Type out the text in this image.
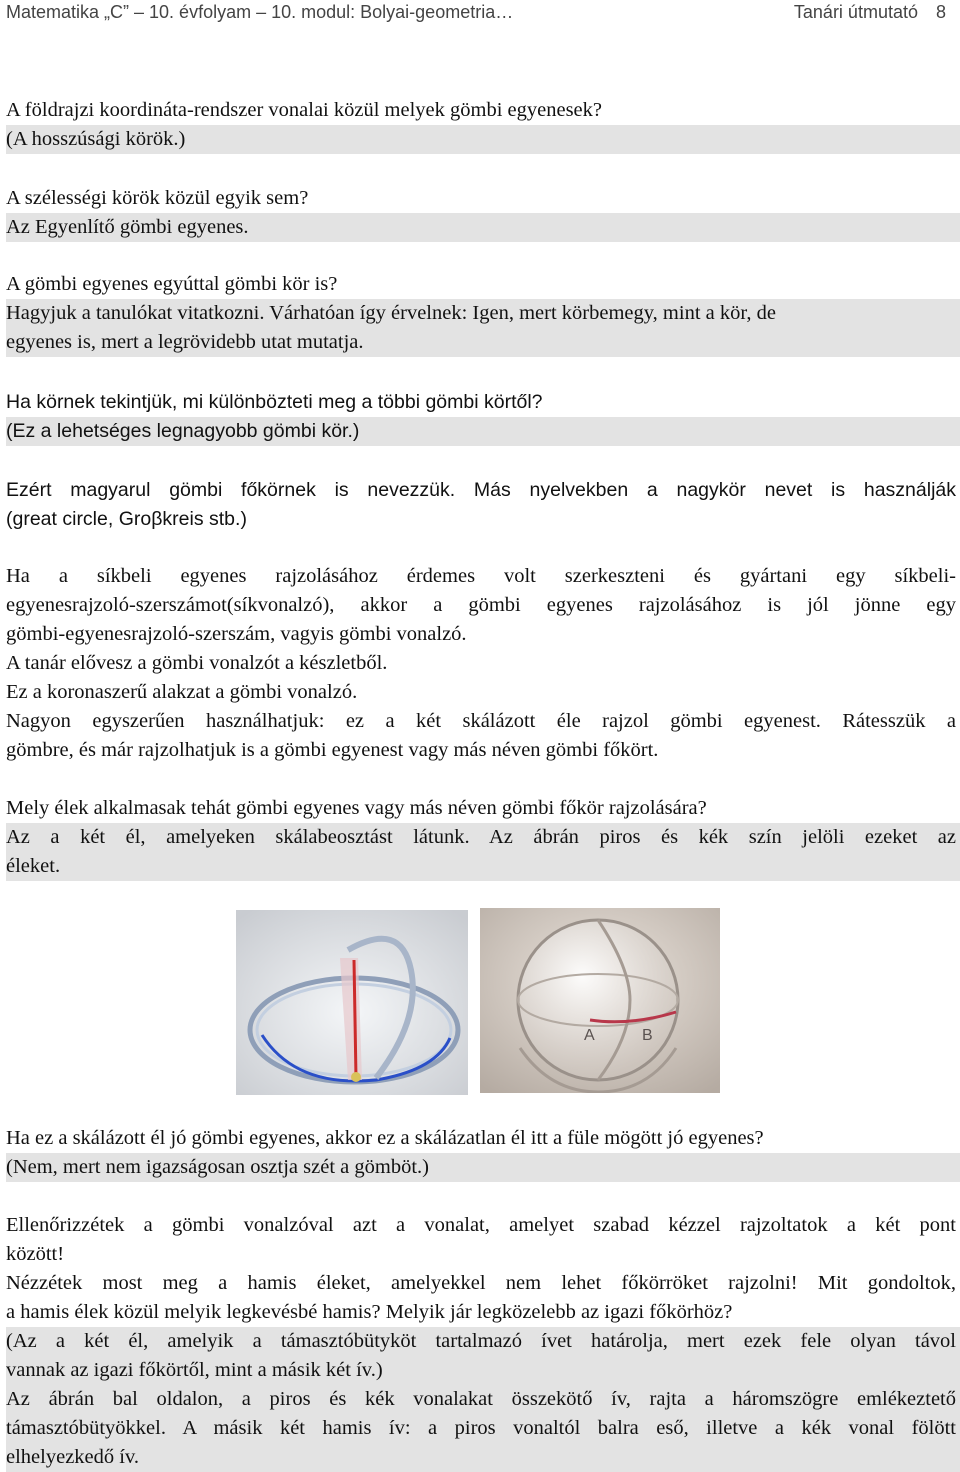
Matematika „C” – 10. évfolyam – 10. modul: Bolyai-geometria…	Tanári útmutató 8
A földrajzi koordináta-rendszer vonalai közül melyek gömbi egyenesek?
(A hosszúsági körök.)
A szélességi körök közül egyik sem?
Az Egyenlítő gömbi egyenes.
A gömbi egyenes egyúttal gömbi kör is?
Hagyjuk a tanulókat vitatkozni. Várhatóan így érvelnek: Igen, mert körbemegy, mint a kör, de
egyenes is, mert a legrövidebb utat mutatja.
Ha körnek tekintjük, mi különbözteti meg a többi gömbi körtől?
(Ez a lehetséges legnagyobb gömbi kör.)
Ezért magyarul gömbi főkörnek is nevezzük. Más nyelvekben a nagykör nevet is használják
(great circle, Groβkreis stb.)
Ha a síkbeli egyenes rajzolásához érdemes volt szerkeszteni és gyártani egy síkbeli-
egyenesrajzoló-szerszámot(síkvonalzó), akkor a gömbi egyenes rajzolásához is jól jönne egy
gömbi-egyenesrajzoló-szerszám, vagyis gömbi vonalzó.
A tanár elővesz a gömbi vonalzót a készletből.
Ez a koronaszerű alakzat a gömbi vonalzó.
Nagyon egyszerűen használhatjuk: ez a két skálázott éle rajzol gömbi egyenest. Rátesszük a
gömbre, és már rajzolhatjuk is a gömbi egyenest vagy más néven gömbi főkört.
Mely élek alkalmasak tehát gömbi egyenes vagy más néven gömbi főkör rajzolására?
Az a két él, amelyeken skálabeosztást látunk. Az ábrán piros és kék szín jelöli ezeket az
éleket.
A	B
Ha ez a skálázott él jó gömbi egyenes, akkor ez a skálázatlan él itt a füle mögött jó egyenes?
(Nem, mert nem igazságosan osztja szét a gömböt.)
Ellenőrizzétek a gömbi vonalzóval azt a vonalat, amelyet szabad kézzel rajzoltatok a két pont
között!
Nézzétek most meg a hamis éleket, amelyekkel nem lehet főkörröket rajzolni! Mit gondoltok,
a hamis élek közül melyik legkevésbé hamis? Melyik jár legközelebb az igazi főkörhöz?
(Az a két él, amelyik a támasztóbütyköt tartalmazó ívet határolja, mert ezek fele olyan távol
vannak az igazi főkörtől, mint a másik két ív.)
Az ábrán bal oldalon, a piros és kék vonalakat összekötő ív, rajta a háromszögre emlékeztető
támasztóbütyökkel. A másik két hamis ív: a piros vonaltól balra eső, illetve a kék vonal fölött
elhelyezkedő ív.
